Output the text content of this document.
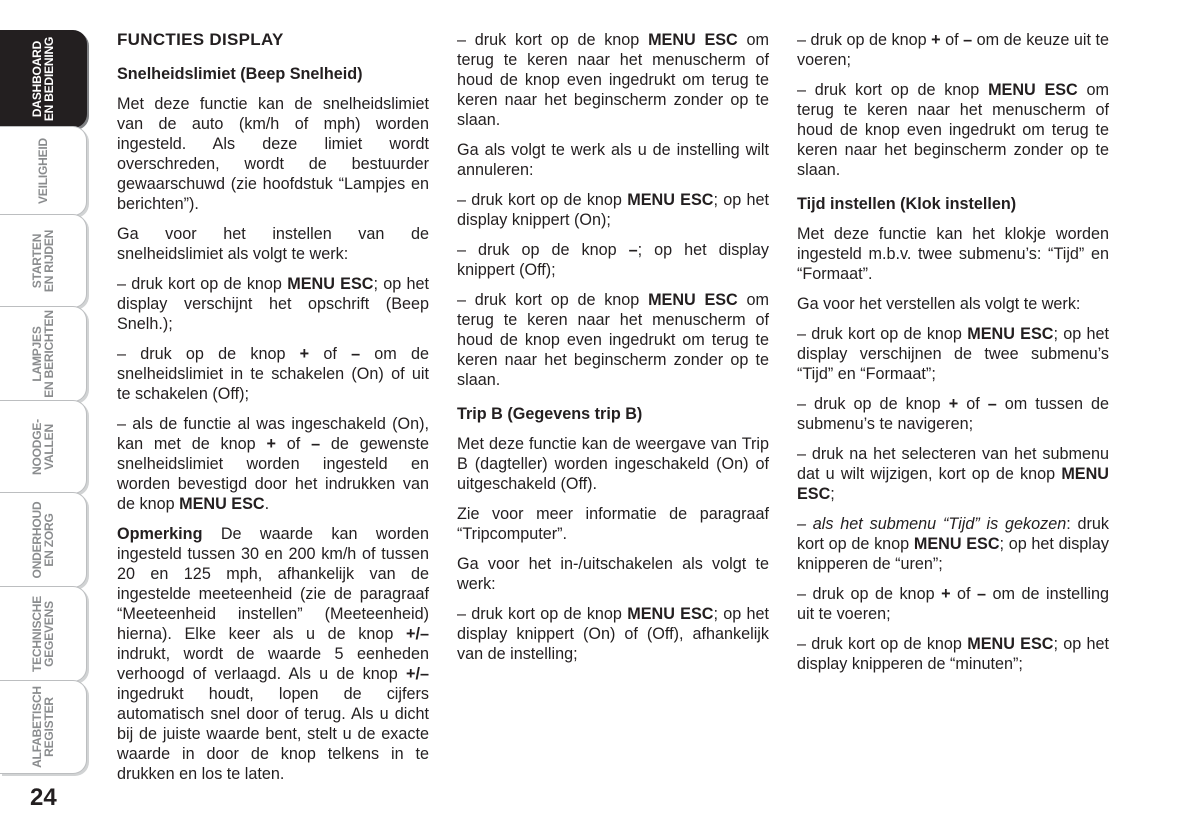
DASHBOARD
EN BEDIENING
VEILIGHEID
STARTEN
EN RIJDEN
LAMPJES
EN BERICHTEN
NOODGE-
VALLEN
ONDERHOUD
EN ZORG
TECHNISCHE
GEGEVENS
ALFABETISCH
REGISTER
24
FUNCTIES DISPLAY
Snelheidslimiet (Beep Snelheid)

Met deze functie kan de snelheidslimiet van de auto (km/h of mph) worden ingesteld. Als deze limiet wordt overschreden, wordt de bestuurder gewaarschuwd (zie hoofdstuk “Lampjes en berichten”).

Ga voor het instellen van de snelheidslimiet als volgt te werk:

– druk kort op de knop MENU ESC; op het display verschijnt het opschrift (Beep Snelh.);

– druk op de knop + of – om de snelheidslimiet in te schakelen (On) of uit te schakelen (Off);

– als de functie al was ingeschakeld (On), kan met de knop + of – de gewenste snelheidslimiet worden ingesteld en worden bevestigd door het indrukken van de knop MENU ESC.

Opmerking De waarde kan worden ingesteld tussen 30 en 200 km/h of tussen 20 en 125 mph, afhankelijk van de ingestelde meeteenheid (zie de paragraaf “Meeteenheid instellen” (Meeteenheid) hierna). Elke keer als u de knop +/– indrukt, wordt de waarde 5 eenheden verhoogd of verlaagd. Als u de knop +/– ingedrukt houdt, lopen de cijfers automatisch snel door of terug. Als u dicht bij de juiste waarde bent, stelt u de exacte waarde in door de knop telkens in te drukken en los te laten.

– druk kort op de knop MENU ESC om terug te keren naar het menuscherm of houd de knop even ingedrukt om terug te keren naar het beginscherm zonder op te slaan.

Ga als volgt te werk als u de instelling wilt annuleren:

– druk kort op de knop MENU ESC; op het display knippert (On);

– druk op de knop –; op het display knippert (Off);

– druk kort op de knop MENU ESC om terug te keren naar het menuscherm of houd de knop even ingedrukt om terug te keren naar het beginscherm zonder op te slaan.

Trip B (Gegevens trip B)

Met deze functie kan de weergave van Trip B (dagteller) worden ingeschakeld (On) of uitgeschakeld (Off).

Zie voor meer informatie de paragraaf “Tripcomputer”.

Ga voor het in-/uitschakelen als volgt te werk:

– druk kort op de knop MENU ESC; op het display knippert (On) of (Off), afhankelijk van de instelling;

– druk op de knop + of – om de keuze uit te voeren;

– druk kort op de knop MENU ESC om terug te keren naar het menuscherm of houd de knop even ingedrukt om terug te keren naar het beginscherm zonder op te slaan.

Tijd instellen (Klok instellen)

Met deze functie kan het klokje worden ingesteld m.b.v. twee submenu’s: “Tijd” en “Formaat”.

Ga voor het verstellen als volgt te werk:

– druk kort op de knop MENU ESC; op het display verschijnen de twee submenu’s “Tijd” en “Formaat”;

– druk op de knop + of – om tussen de submenu’s te navigeren;

– druk na het selecteren van het submenu dat u wilt wijzigen, kort op de knop MENU ESC;

– als het submenu “Tijd” is gekozen: druk kort op de knop MENU ESC; op het display knipperen de “uren”;

– druk op de knop + of – om de instelling uit te voeren;

– druk kort op de knop MENU ESC; op het display knipperen de “minuten”;
